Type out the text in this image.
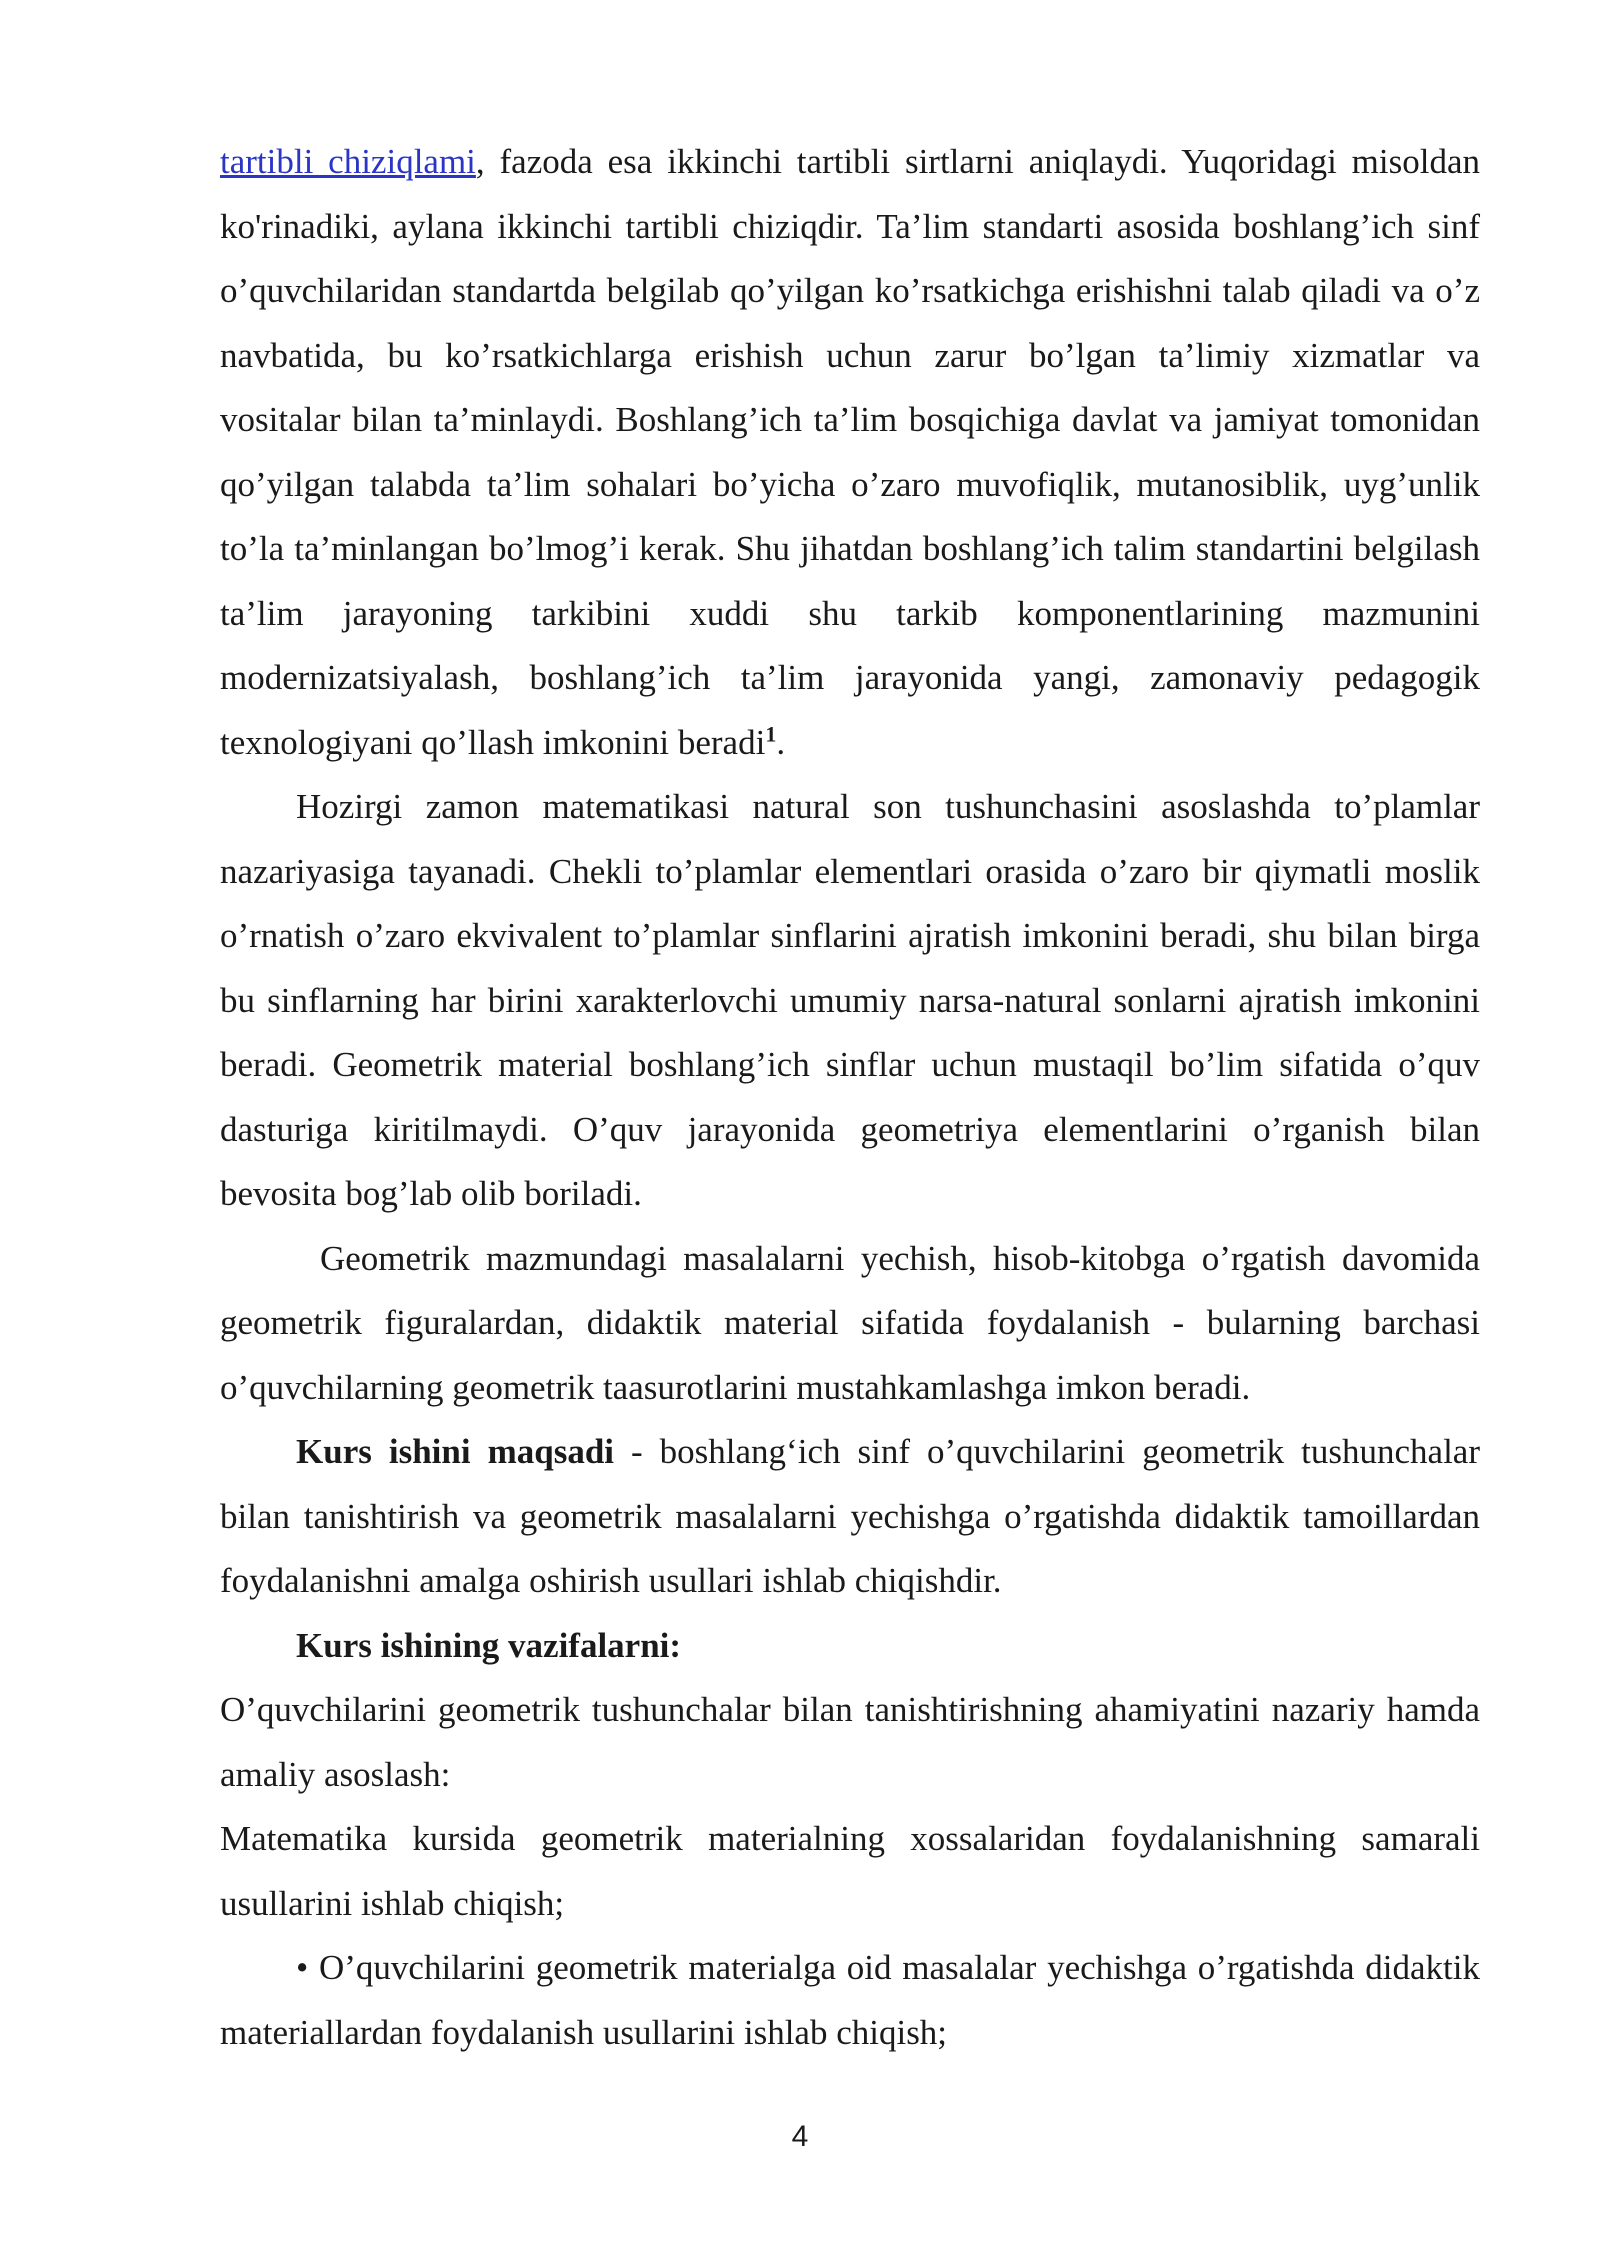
tartibli chiziqlami, fazoda esa ikkinchi tartibli sirtlarni aniqlaydi. Yuqoridagi misoldan ko'rinadiki, aylana ikkinchi tartibli chiziqdir. Ta’lim standarti asosida boshlang’ich sinf o’quvchilaridan standartda belgilab qo’yilgan ko’rsatkichga erishishni talab qiladi va o’z navbatida, bu ko’rsatkichlarga erishish uchun zarur bo’lgan ta’limiy xizmatlar va vositalar bilan ta’minlaydi. Boshlang’ich ta’lim bosqichiga davlat va jamiyat tomonidan qo’yilgan talabda ta’lim sohalari bo’yicha o’zaro muvofiqlik, mutanosiblik, uyg’unlik to’la ta’minlangan bo’lmog’i kerak. Shu jihatdan boshlang’ich talim standartini belgilash ta’lim jarayoning tarkibini xuddi shu tarkib komponentlarining mazmunini modernizatsiyalash, boshlang’ich ta’lim jarayonida yangi, zamonaviy pedagogik texnologiyani qo’llash imkonini beradi$^1$.

Hozirgi zamon matematikasi natural son tushunchasini asoslashda to’plamlar nazariyasiga tayanadi. Chekli to’plamlar elementlari orasida o’zaro bir qiymatli moslik o’rnatish o’zaro ekvivalent to’plamlar sinflarini ajratish imkonini beradi, shu bilan birga bu sinflarning har birini xarakterlovchi umumiy narsa-natural sonlarni ajratish imkonini beradi. Geometrik material boshlang’ich sinflar uchun mustaqil bo’lim sifatida o’quv dasturiga kiritilmaydi. O’quv jarayonida geometriya elementlarini o’rganish bilan bevosita bog’lab olib boriladi.

Geometrik mazmundagi masalalarni yechish, hisob-kitobga o’rgatish davomida geometrik figuralardan, didaktik material sifatida foydalanish - bularning barchasi o’quvchilarning geometrik taasurotlarini mustahkamlashga imkon beradi.

Kurs ishini maqsadi - boshlang‘ich sinf o’quvchilarini geometrik tushunchalar bilan tanishtirish va geometrik masalalarni yechishga o’rgatishda didaktik tamoillardan foydalanishni amalga oshirish usullari ishlab chiqishdir.

Kurs ishining vazifalarni:

O’quvchilarini geometrik tushunchalar bilan tanishtirishning ahamiyatini nazariy hamda amaliy asoslash:

Matematika kursida geometrik materialning xossalaridan foydalanishning samarali usullarini ishlab chiqish;

• O’quvchilarini geometrik materialga oid masalalar yechishga o’rgatishda didaktik materiallardan foydalanish usullarini ishlab chiqish;

4
